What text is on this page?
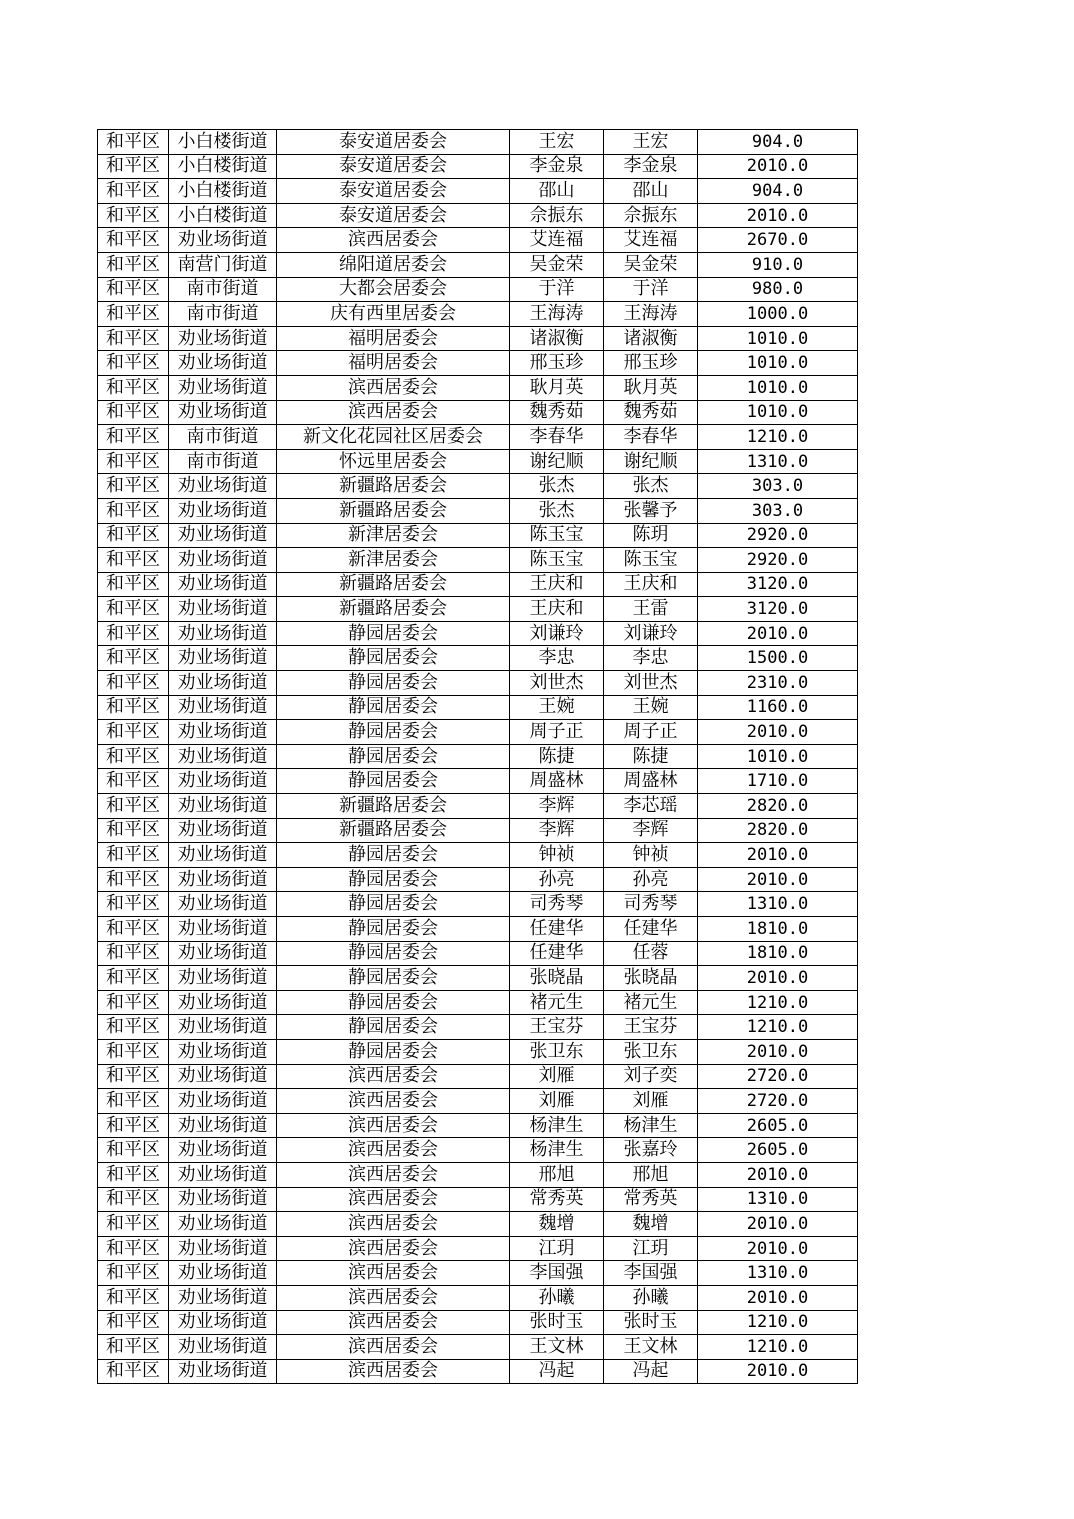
和平区	小白楼街道	泰安道居委会	王宏	王宏	904.0
和平区	小白楼街道	泰安道居委会	李金泉	李金泉	2010.0
和平区	小白楼街道	泰安道居委会	邵山	邵山	904.0
和平区	小白楼街道	泰安道居委会	佘振东	佘振东	2010.0
和平区	劝业场街道	滨西居委会	艾连福	艾连福	2670.0
和平区	南营门街道	绵阳道居委会	吴金荣	吴金荣	910.0
和平区	南市街道	大都会居委会	于洋	于洋	980.0
和平区	南市街道	庆有西里居委会	王海涛	王海涛	1000.0
和平区	劝业场街道	福明居委会	诸淑衡	诸淑衡	1010.0
和平区	劝业场街道	福明居委会	邢玉珍	邢玉珍	1010.0
和平区	劝业场街道	滨西居委会	耿月英	耿月英	1010.0
和平区	劝业场街道	滨西居委会	魏秀茹	魏秀茹	1010.0
和平区	南市街道	新文化花园社区居委会	李春华	李春华	1210.0
和平区	南市街道	怀远里居委会	谢纪顺	谢纪顺	1310.0
和平区	劝业场街道	新疆路居委会	张杰	张杰	303.0
和平区	劝业场街道	新疆路居委会	张杰	张馨予	303.0
和平区	劝业场街道	新津居委会	陈玉宝	陈玥	2920.0
和平区	劝业场街道	新津居委会	陈玉宝	陈玉宝	2920.0
和平区	劝业场街道	新疆路居委会	王庆和	王庆和	3120.0
和平区	劝业场街道	新疆路居委会	王庆和	王雷	3120.0
和平区	劝业场街道	静园居委会	刘谦玲	刘谦玲	2010.0
和平区	劝业场街道	静园居委会	李忠	李忠	1500.0
和平区	劝业场街道	静园居委会	刘世杰	刘世杰	2310.0
和平区	劝业场街道	静园居委会	王婉	王婉	1160.0
和平区	劝业场街道	静园居委会	周子正	周子正	2010.0
和平区	劝业场街道	静园居委会	陈捷	陈捷	1010.0
和平区	劝业场街道	静园居委会	周盛林	周盛林	1710.0
和平区	劝业场街道	新疆路居委会	李辉	李芯瑶	2820.0
和平区	劝业场街道	新疆路居委会	李辉	李辉	2820.0
和平区	劝业场街道	静园居委会	钟祯	钟祯	2010.0
和平区	劝业场街道	静园居委会	孙亮	孙亮	2010.0
和平区	劝业场街道	静园居委会	司秀琴	司秀琴	1310.0
和平区	劝业场街道	静园居委会	任建华	任建华	1810.0
和平区	劝业场街道	静园居委会	任建华	任蓉	1810.0
和平区	劝业场街道	静园居委会	张晓晶	张晓晶	2010.0
和平区	劝业场街道	静园居委会	褚元生	褚元生	1210.0
和平区	劝业场街道	静园居委会	王宝芬	王宝芬	1210.0
和平区	劝业场街道	静园居委会	张卫东	张卫东	2010.0
和平区	劝业场街道	滨西居委会	刘雁	刘子奕	2720.0
和平区	劝业场街道	滨西居委会	刘雁	刘雁	2720.0
和平区	劝业场街道	滨西居委会	杨津生	杨津生	2605.0
和平区	劝业场街道	滨西居委会	杨津生	张嘉玲	2605.0
和平区	劝业场街道	滨西居委会	邢旭	邢旭	2010.0
和平区	劝业场街道	滨西居委会	常秀英	常秀英	1310.0
和平区	劝业场街道	滨西居委会	魏增	魏增	2010.0
和平区	劝业场街道	滨西居委会	江玥	江玥	2010.0
和平区	劝业场街道	滨西居委会	李国强	李国强	1310.0
和平区	劝业场街道	滨西居委会	孙曦	孙曦	2010.0
和平区	劝业场街道	滨西居委会	张时玉	张时玉	1210.0
和平区	劝业场街道	滨西居委会	王文林	王文林	1210.0
和平区	劝业场街道	滨西居委会	冯起	冯起	2010.0
